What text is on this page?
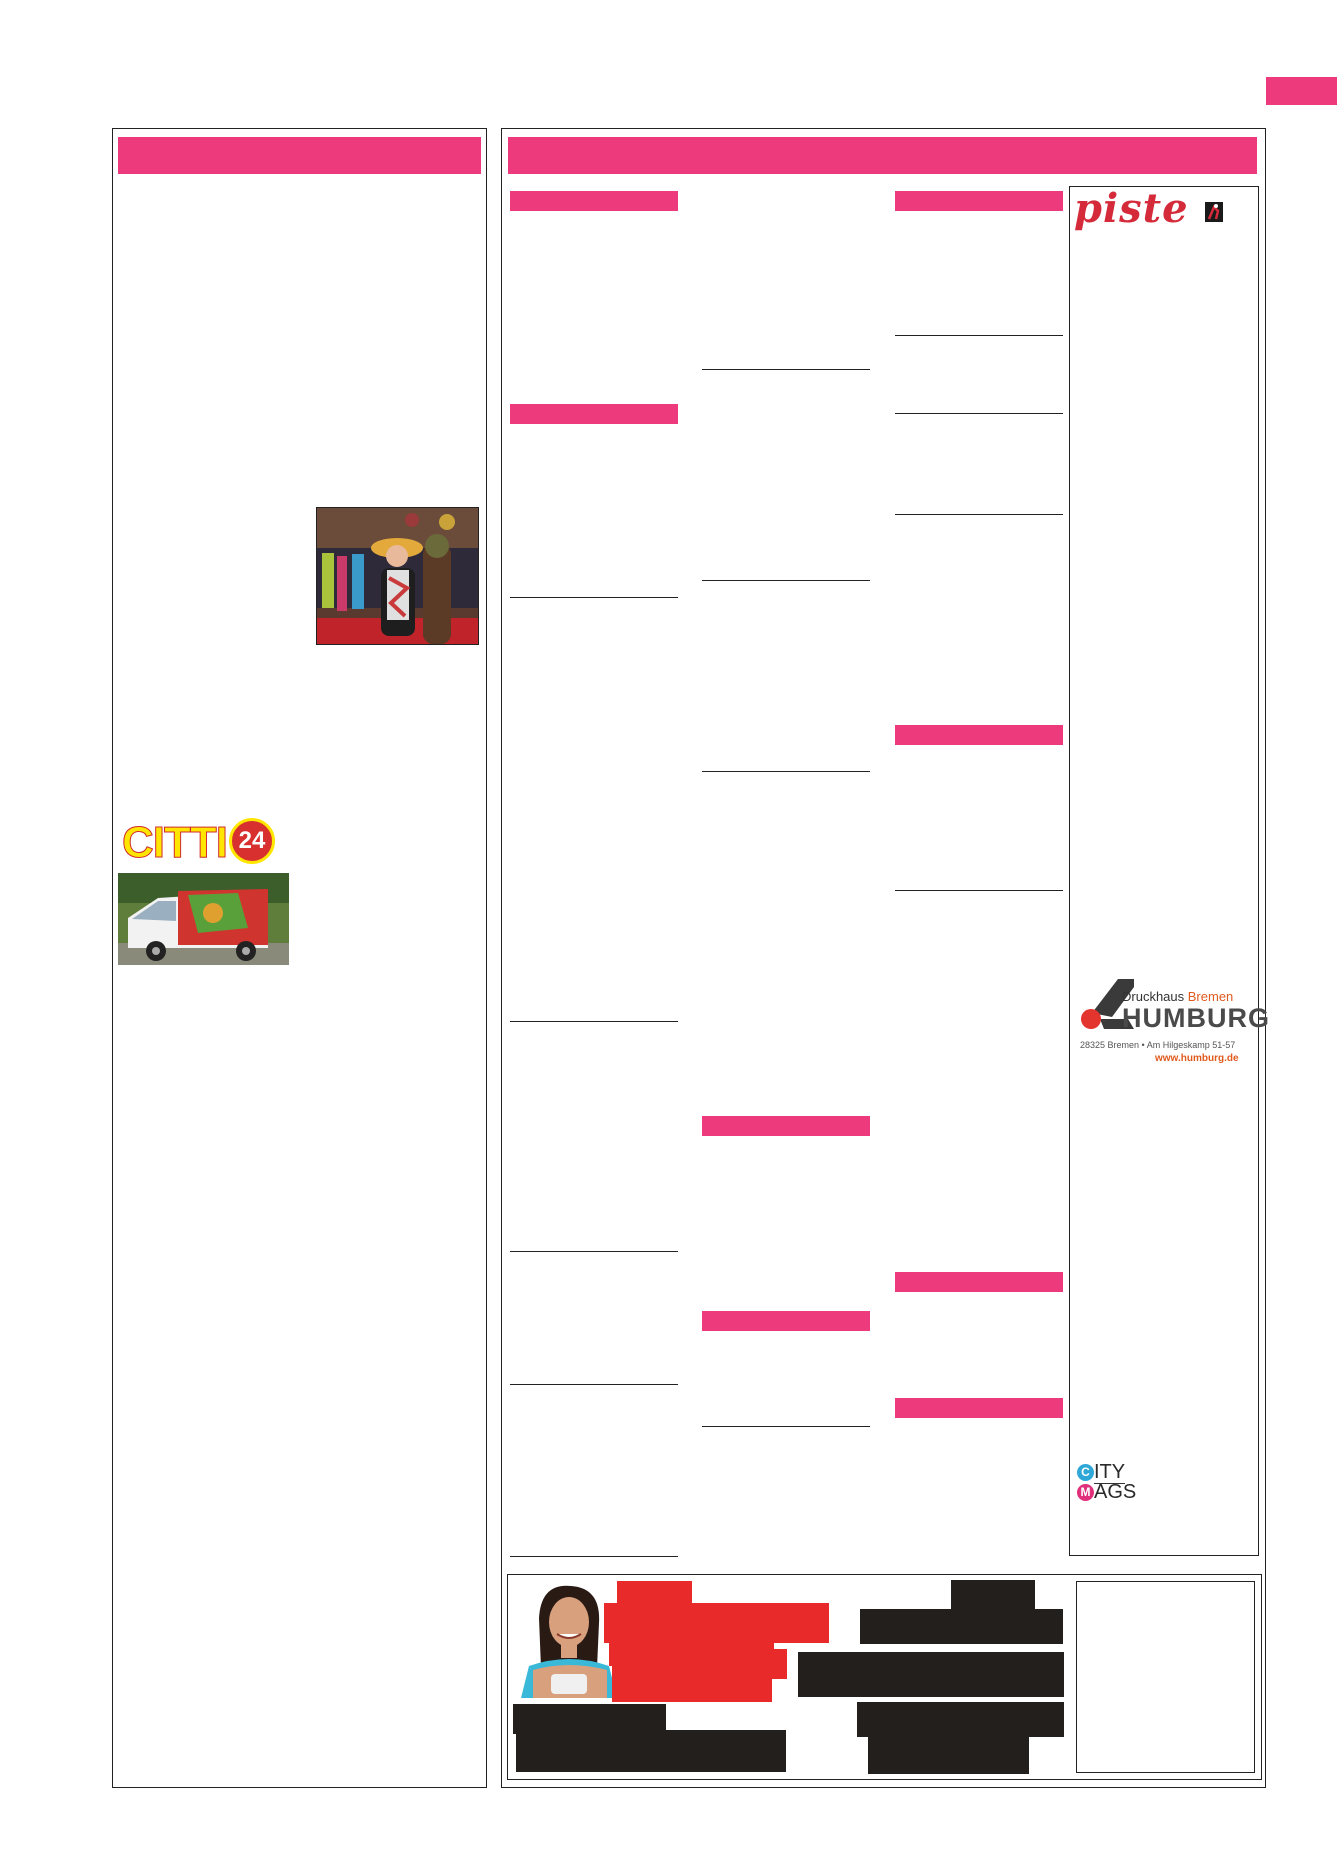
CITTI 24
piste
Druckhaus Bremen
HUMBURG
28325 Bremen • Am Hilgeskamp 51-57
www.humburg.de
C ITY
M AGS
